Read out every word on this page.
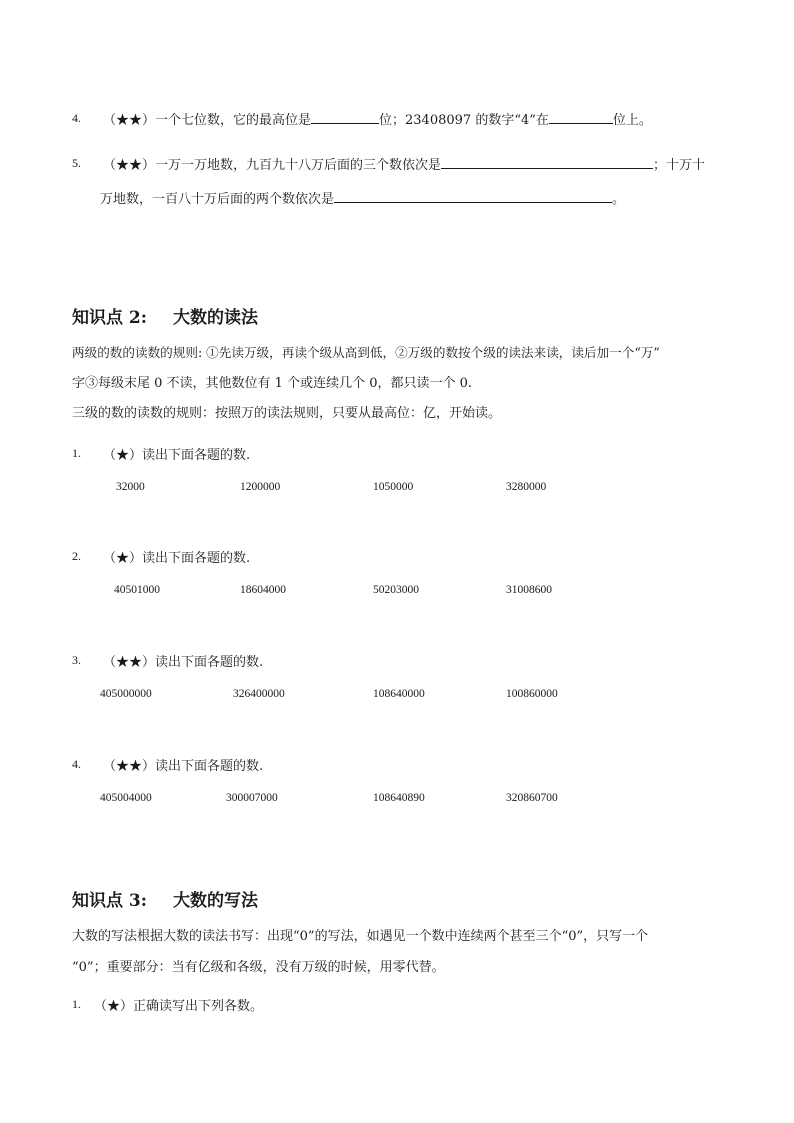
4. （★★）一个七位数，它的最高位是	位；23408097 的数字“4”在	位上。
5. （★★）一万一万地数，九百九十八万后面的三个数依次是	；十万十
万地数，一百八十万后面的两个数依次是	。
知识点 2: 大数的读法
两级的数的读数的规则: ①先读万级，再读个级从高到低，②万级的数按个级的读法来读，读后加一个“万”
字③每级末尾 0 不读，其他数位有 1 个或连续几个 0，都只读一个 0.
三级的数的读数的规则：按照万的读法规则，只要从最高位：亿，开始读。
1. （★）读出下面各题的数.
32000	1200000	1050000	3280000
2. （★）读出下面各题的数.
40501000	18604000	50203000	31008600
3. （★★）读出下面各题的数.
405000000	326400000	108640000	100860000
4. （★★）读出下面各题的数.
405004000	300007000	108640890	320860700
知识点 3: 大数的写法
大数的写法根据大数的读法书写：出现“0”的写法，如遇见一个数中连续两个甚至三个“0”，只写一个
“0”；重要部分：当有亿级和各级，没有万级的时候，用零代替。
1. （★）正确读写出下列各数。
